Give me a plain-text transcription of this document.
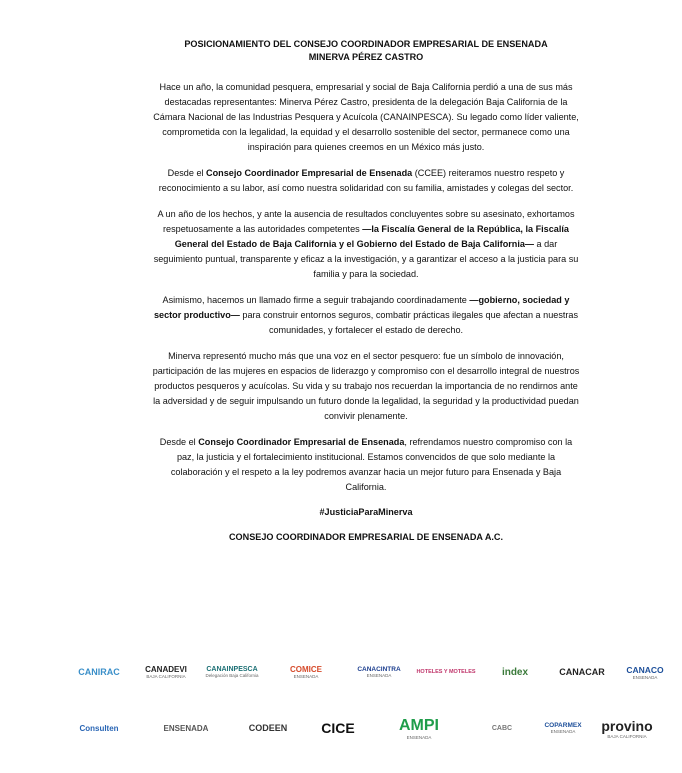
POSICIONAMIENTO DEL CONSEJO COORDINADOR EMPRESARIAL DE ENSENADA
MINERVA PÉREZ CASTRO

Hace un año, la comunidad pesquera, empresarial y social de Baja California perdió a una de sus más destacadas representantes: Minerva Pérez Castro, presidenta de la delegación Baja California de la Cámara Nacional de las Industrias Pesquera y Acuícola (CANAINPESCA). Su legado como líder valiente, comprometida con la legalidad, la equidad y el desarrollo sostenible del sector, permanece como una inspiración para quienes creemos en un México más justo.

Desde el Consejo Coordinador Empresarial de Ensenada (CCEE) reiteramos nuestro respeto y reconocimiento a su labor, así como nuestra solidaridad con su familia, amistades y colegas del sector.

A un año de los hechos, y ante la ausencia de resultados concluyentes sobre su asesinato, exhortamos respetuosamente a las autoridades competentes —la Fiscalía General de la República, la Fiscalía General del Estado de Baja California y el Gobierno del Estado de Baja California— a dar seguimiento puntual, transparente y eficaz a la investigación, y a garantizar el acceso a la justicia para su familia y para la sociedad.

Asimismo, hacemos un llamado firme a seguir trabajando coordinadamente —gobierno, sociedad y sector productivo— para construir entornos seguros, combatir prácticas ilegales que afectan a nuestras comunidades, y fortalecer el estado de derecho.

Minerva representó mucho más que una voz en el sector pesquero: fue un símbolo de innovación, participación de las mujeres en espacios de liderazgo y compromiso con el desarrollo integral de nuestros productos pesqueros y acuícolas. Su vida y su trabajo nos recuerdan la importancia de no rendirnos ante la adversidad y de seguir impulsando un futuro donde la legalidad, la seguridad y la productividad puedan convivir plenamente.

Desde el Consejo Coordinador Empresarial de Ensenada, refrendamos nuestro compromiso con la paz, la justicia y el fortalecimiento institucional. Estamos convencidos de que solo mediante la colaboración y el respeto a la ley podremos avanzar hacia un mejor futuro para Ensenada y Baja California.

#JusticiaParaMinerva
CONSEJO COORDINADOR EMPRESARIAL DE ENSENADA A.C.
CANIRAC	CANADEVI
BAJA CALIFORNIA
CANAINPESCA
Delegación Baja California
COMICE
ENSENADA
CANACINTRA
ENSENADA
HOTELES Y MOTELES	index	CANACAR	CANACO
ENSENADA
Consulten	ENSENADA	CODEEN CICE	AMPI
ENSENADA
CABC	COPARMEX
ENSENADA provino
BAJA CALIFORNIA
